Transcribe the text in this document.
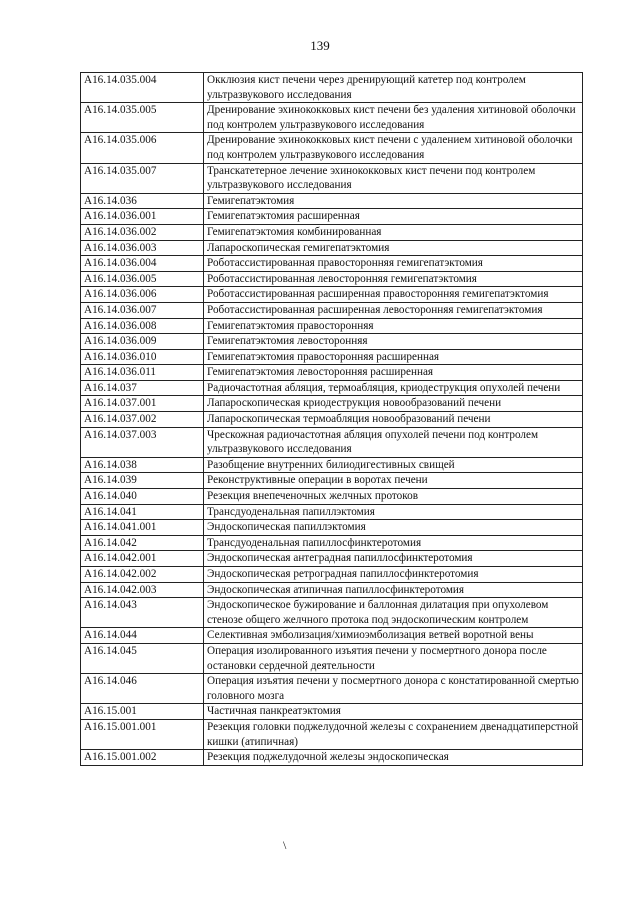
139
A16.14.035.004	Окклюзия кист печени через дренирующий катетер под контролем ультразвукового исследования
A16.14.035.005	Дренирование эхинококковых кист печени без удаления хитиновой оболочки под контролем ультразвукового исследования
A16.14.035.006	Дренирование эхинококковых кист печени с удалением хитиновой оболочки под контролем ультразвукового исследования
A16.14.035.007	Транскатетерное лечение эхинококковых кист печени под контролем ультразвукового исследования
A16.14.036	Гемигепатэктомия
A16.14.036.001	Гемигепатэктомия расширенная
A16.14.036.002	Гемигепатэктомия комбинированная
A16.14.036.003	Лапароскопическая гемигепатэктомия
A16.14.036.004	Роботассистированная правосторонняя гемигепатэктомия
A16.14.036.005	Роботассистированная левосторонняя гемигепатэктомия
A16.14.036.006	Роботассистированная расширенная правосторонняя гемигепатэктомия
A16.14.036.007	Роботассистированная расширенная левосторонняя гемигепатэктомия
A16.14.036.008	Гемигепатэктомия правосторонняя
A16.14.036.009	Гемигепатэктомия левосторонняя
A16.14.036.010	Гемигепатэктомия правосторонняя расширенная
A16.14.036.011	Гемигепатэктомия левосторонняя расширенная
A16.14.037	Радиочастотная абляция, термоабляция, криодеструкция опухолей печени
A16.14.037.001	Лапароскопическая криодеструкция новообразований печени
A16.14.037.002	Лапароскопическая термоабляция новообразований печени
A16.14.037.003	Чрескожная радиочастотная абляция опухолей печени под контролем ультразвукового исследования
A16.14.038	Разобщение внутренних билиодигестивных свищей
A16.14.039	Реконструктивные операции в воротах печени
A16.14.040	Резекция внепеченочных желчных протоков
A16.14.041	Трансдуоденальная папиллэктомия
A16.14.041.001	Эндоскопическая папиллэктомия
A16.14.042	Трансдуоденальная папиллосфинктеротомия
A16.14.042.001	Эндоскопическая антеградная папиллосфинктеротомия
A16.14.042.002	Эндоскопическая ретроградная папиллосфинктеротомия
A16.14.042.003	Эндоскопическая атипичная папиллосфинктеротомия
A16.14.043	Эндоскопическое бужирование и баллонная дилатация при опухолевом стенозе общего желчного протока под эндоскопическим контролем
A16.14.044	Селективная эмболизация/химиоэмболизация ветвей воротной вены
A16.14.045	Операция изолированного изъятия печени у посмертного донора после остановки сердечной деятельности
A16.14.046	Операция изъятия печени у посмертного донора с констатированной смертью головного мозга
A16.15.001	Частичная панкреатэктомия
A16.15.001.001	Резекция головки поджелудочной железы с сохранением двенадцатиперстной кишки (атипичная)
A16.15.001.002	Резекция поджелудочной железы эндоскопическая
\
